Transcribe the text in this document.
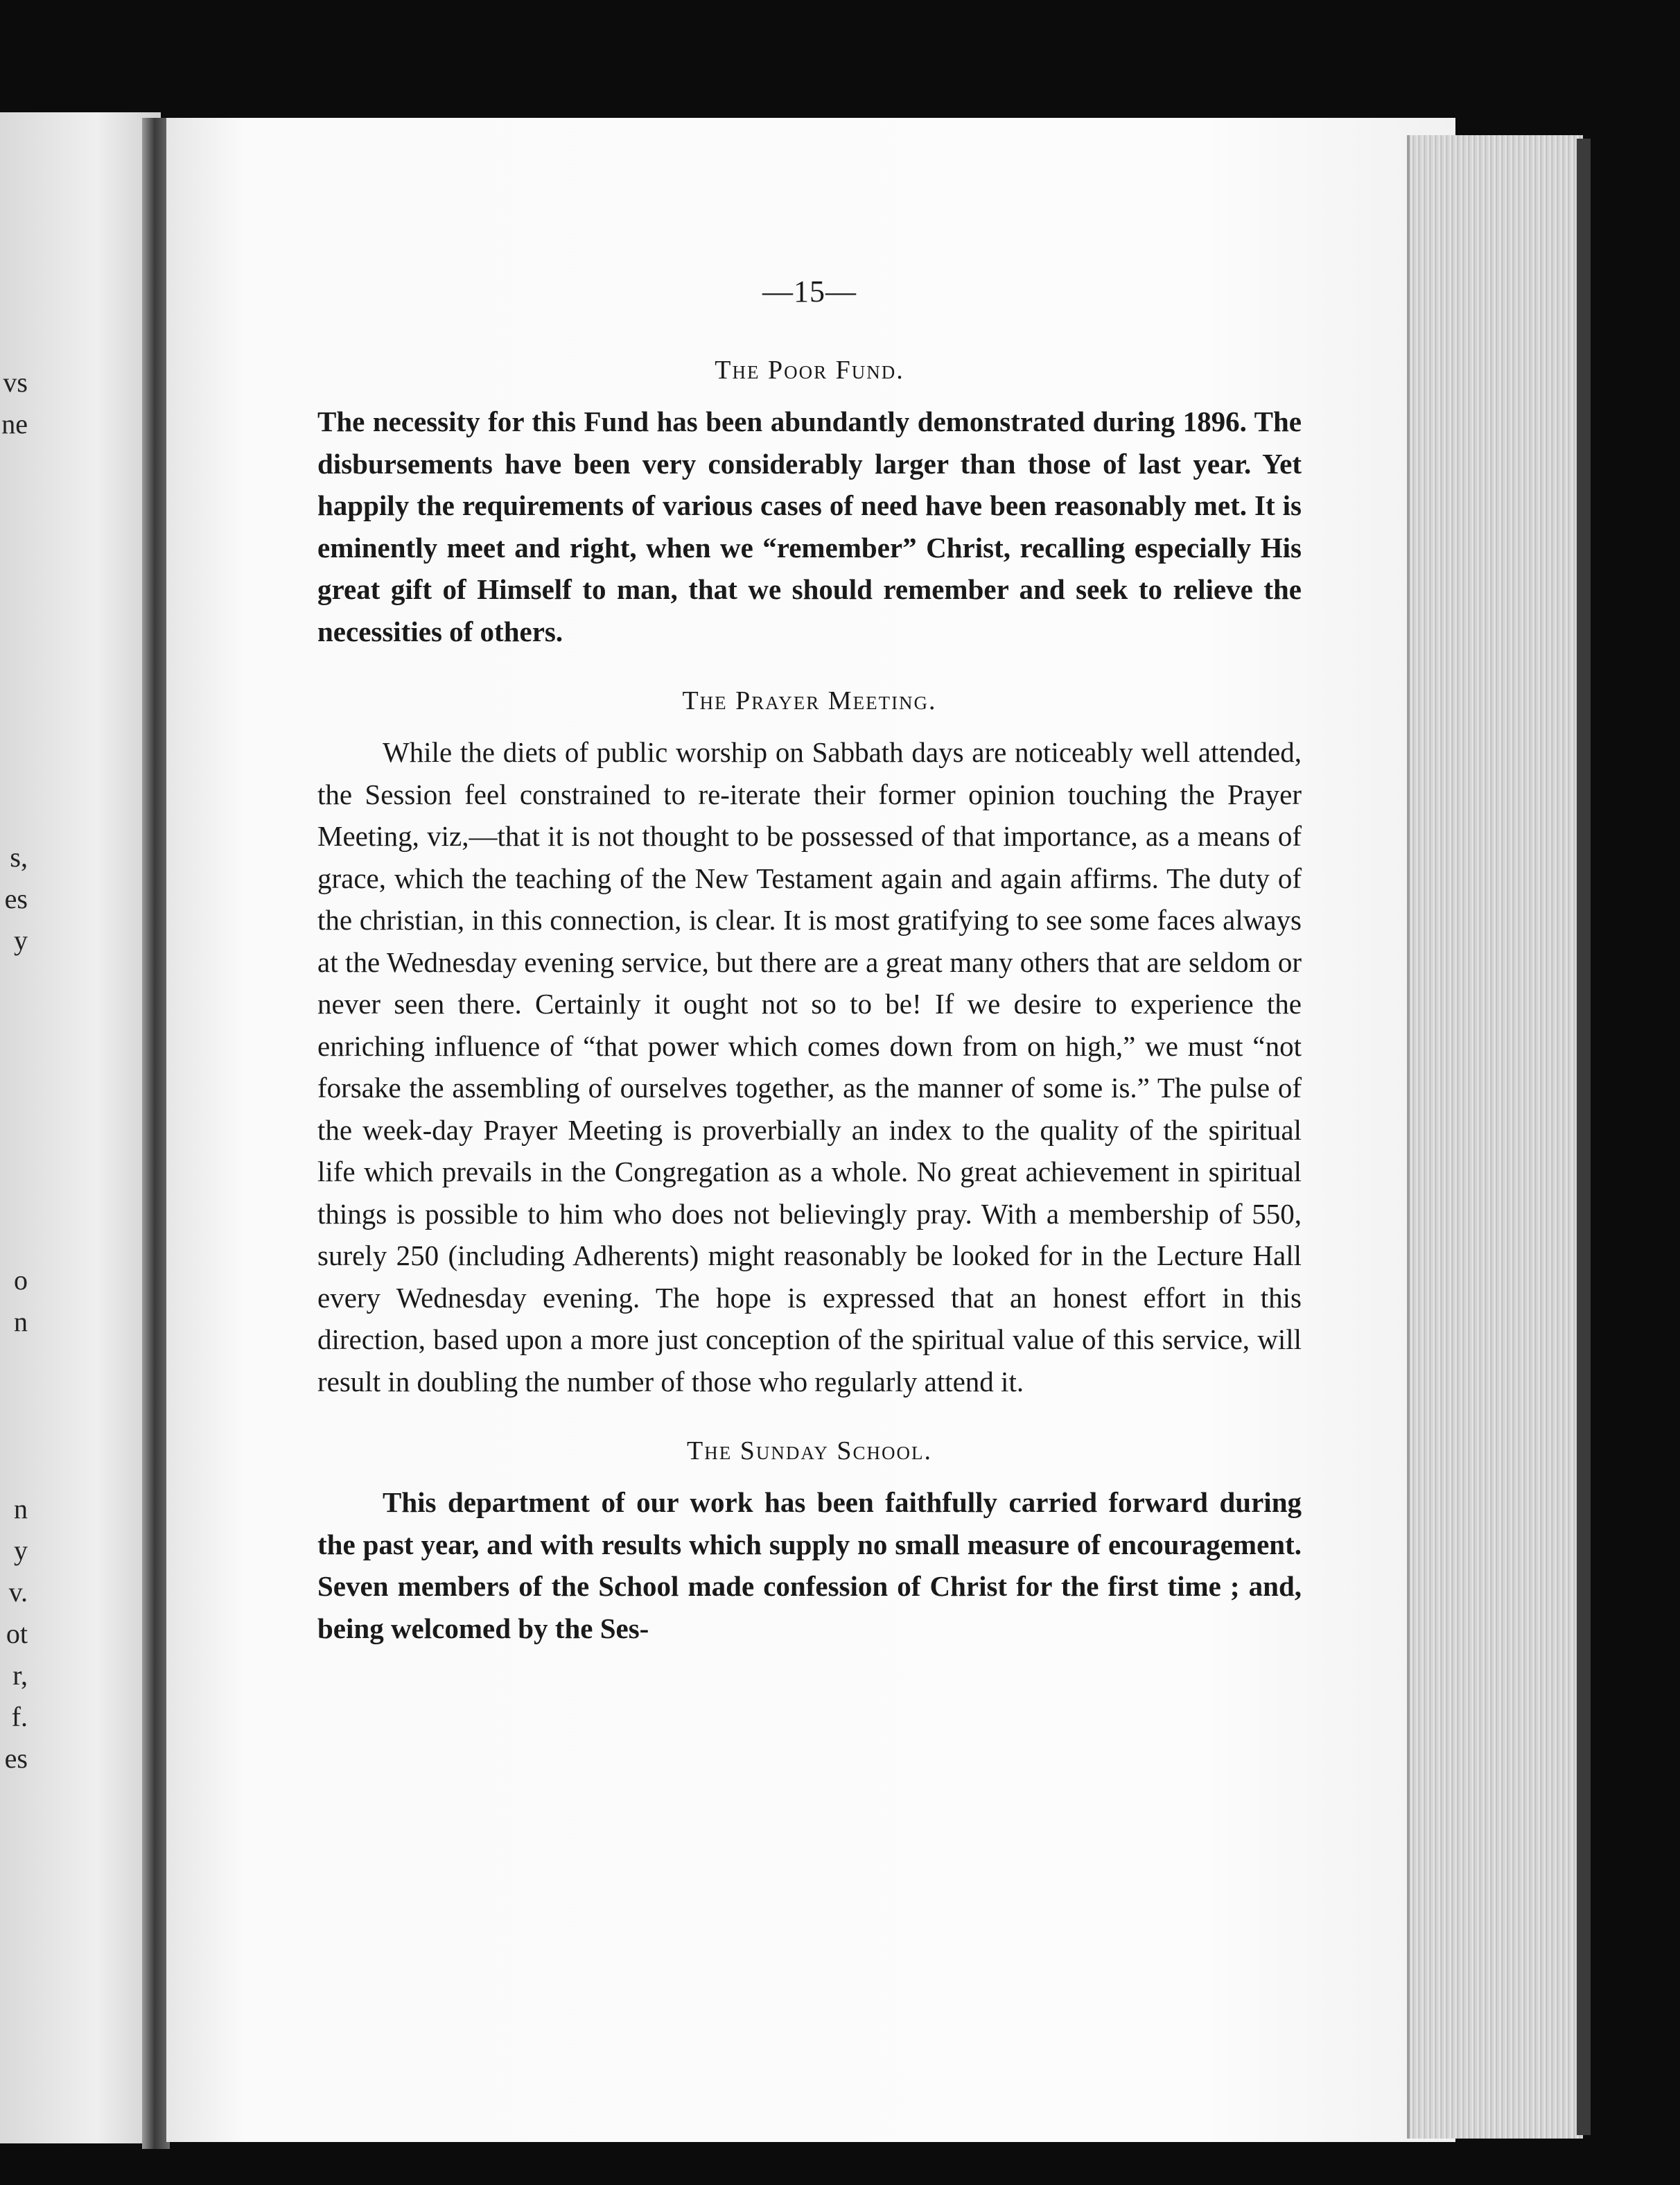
vs
ne
s,
es
y
o
n
n
y
v.
ot
r,
f.
es
—15—
The Poor Fund.

The necessity for this Fund has been abundantly demonstrated during 1896. The disbursements have been very considerably larger than those of last year. Yet happily the requirements of various cases of need have been reasonably met. It is eminently meet and right, when we “remember” Christ, recalling especially His great gift of Himself to man, that we should remember and seek to relieve the necessities of others.

The Prayer Meeting.

While the diets of public worship on Sabbath days are noticeably well attended, the Session feel constrained to re-iterate their former opinion touching the Prayer Meeting, viz,—that it is not thought to be possessed of that importance, as a means of grace, which the teaching of the New Testament again and again affirms. The duty of the christian, in this connection, is clear. It is most gratifying to see some faces always at the Wednesday evening service, but there are a great many others that are seldom or never seen there. Certainly it ought not so to be! If we desire to experience the enriching influence of “that power which comes down from on high,” we must “not forsake the assembling of ourselves together, as the manner of some is.” The pulse of the week-day Prayer Meeting is proverbially an index to the quality of the spiritual life which prevails in the Congregation as a whole. No great achievement in spiritual things is possible to him who does not believingly pray. With a membership of 550, surely 250 (including Adherents) might reasonably be looked for in the Lecture Hall every Wednesday evening. The hope is expressed that an honest effort in this direction, based upon a more just conception of the spiritual value of this service, will result in doubling the number of those who regularly attend it.

The Sunday School.

This department of our work has been faithfully carried forward during the past year, and with results which supply no small measure of encouragement. Seven members of the School made confession of Christ for the first time ; and, being welcomed by the Ses-
